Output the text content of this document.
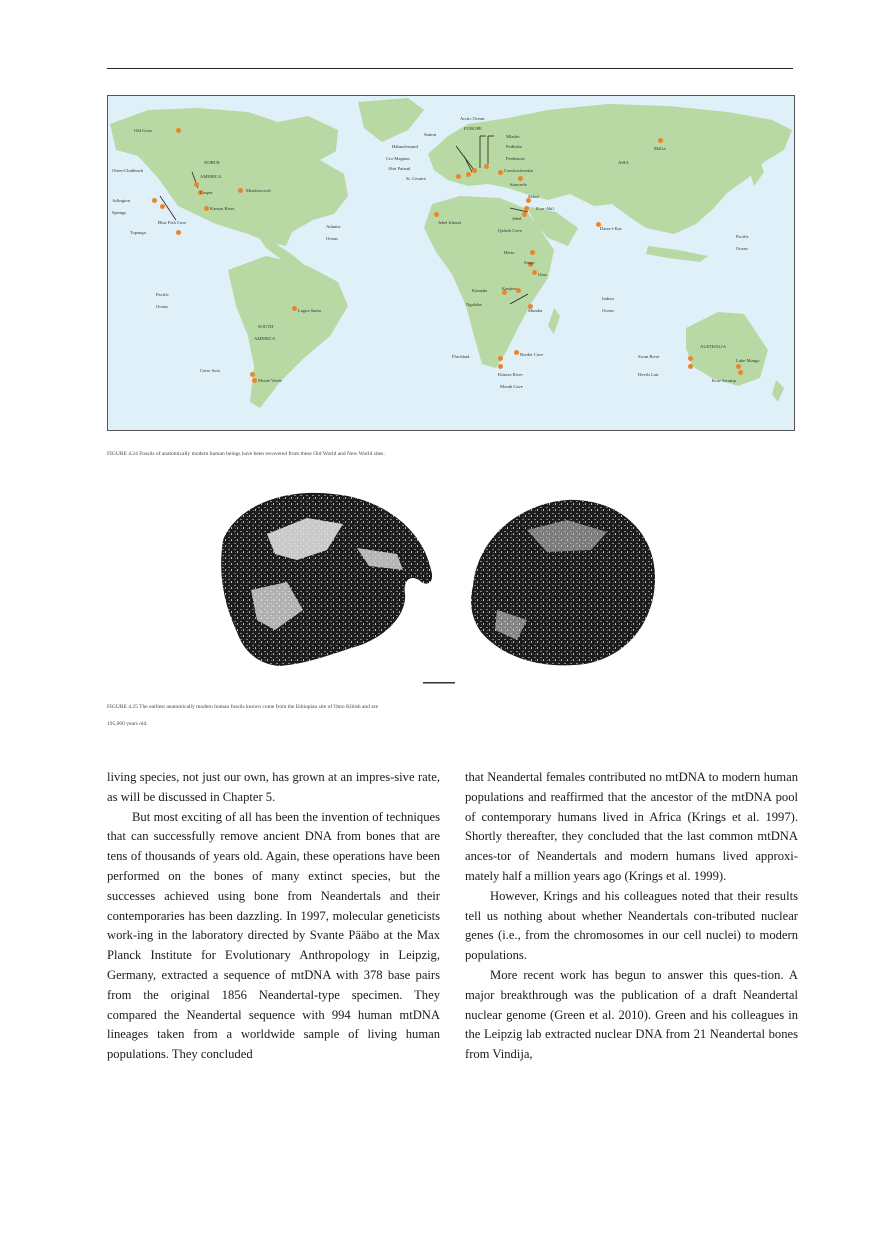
Arctic Ocean
EUROPE
ASIA
NORTH
AMERICA
SOUTH
AMERICA
AUSTRALIA
Atlantic
Ocean
Pacific
Ocean
Pacific
Ocean
Indian
Ocean
Old Crow
Olsen-Chubbuck
Arlington
Springs
Topanga
Casper	Meadowcroft
Kansas River
Blue Fish Cave
Lagoa Santa
Cerro Sota
Monte Verde
Sutton
Hahnofersand
Cro-Magnon
Abri Pataud
St. Cesaire
Mladec
Podbaba
Predmosti
Czechoslovakia
Starosele
Skhul
Ksar Akil
Jebel
Qafzeh Cave
Jebel Irhoud
Herto
Singa
Omo
Katanda	Kanjera
Ngaloba
Mumba
Florisbad	Border Cave
Klasies River
Mouth Cave
Darra-i-Kur
Mal'ta
Swan River
Devils Lair
Lake Mungo
Kow Swamp
FIGURE 4.24 Fossils of anatomically modern human beings have been recovered from these Old World and New World sites.
FIGURE 4.25 The earliest anatomically modern human fossils known come from the Ethiopian site of Omo Kibish and are
195,000 years old.

living species, not just our own, has grown at an impres-sive rate, as will be discussed in Chapter 5.

But most exciting of all has been the invention of techniques that can successfully remove ancient DNA from bones that are tens of thousands of years old. Again, these operations have been performed on the bones of many extinct species, but the successes achieved using bone from Neandertals and their contemporaries has been dazzling. In 1997, molecular geneticists work-ing in the laboratory directed by Svante Pääbo at the Max Planck Institute for Evolutionary Anthropology in Leipzig, Germany, extracted a sequence of mtDNA with 378 base pairs from the original 1856 Neandertal-type specimen. They compared the Neandertal sequence with 994 human mtDNA lineages taken from a worldwide sample of living human populations. They concluded

that Neandertal females contributed no mtDNA to modern human populations and reaffirmed that the ancestor of the mtDNA pool of contemporary humans lived in Africa (Krings et al. 1997). Shortly thereafter, they concluded that the last common mtDNA ances-tor of Neandertals and modern humans lived approxi-mately half a million years ago (Krings et al. 1999).

However, Krings and his colleagues noted that their results tell us nothing about whether Neandertals con-tributed nuclear genes (i.e., from the chromosomes in our cell nuclei) to modern populations.

More recent work has begun to answer this ques-tion. A major breakthrough was the publication of a draft Neandertal nuclear genome (Green et al. 2010). Green and his colleagues in the Leipzig lab extracted nuclear DNA from 21 Neandertal bones from Vindija,
